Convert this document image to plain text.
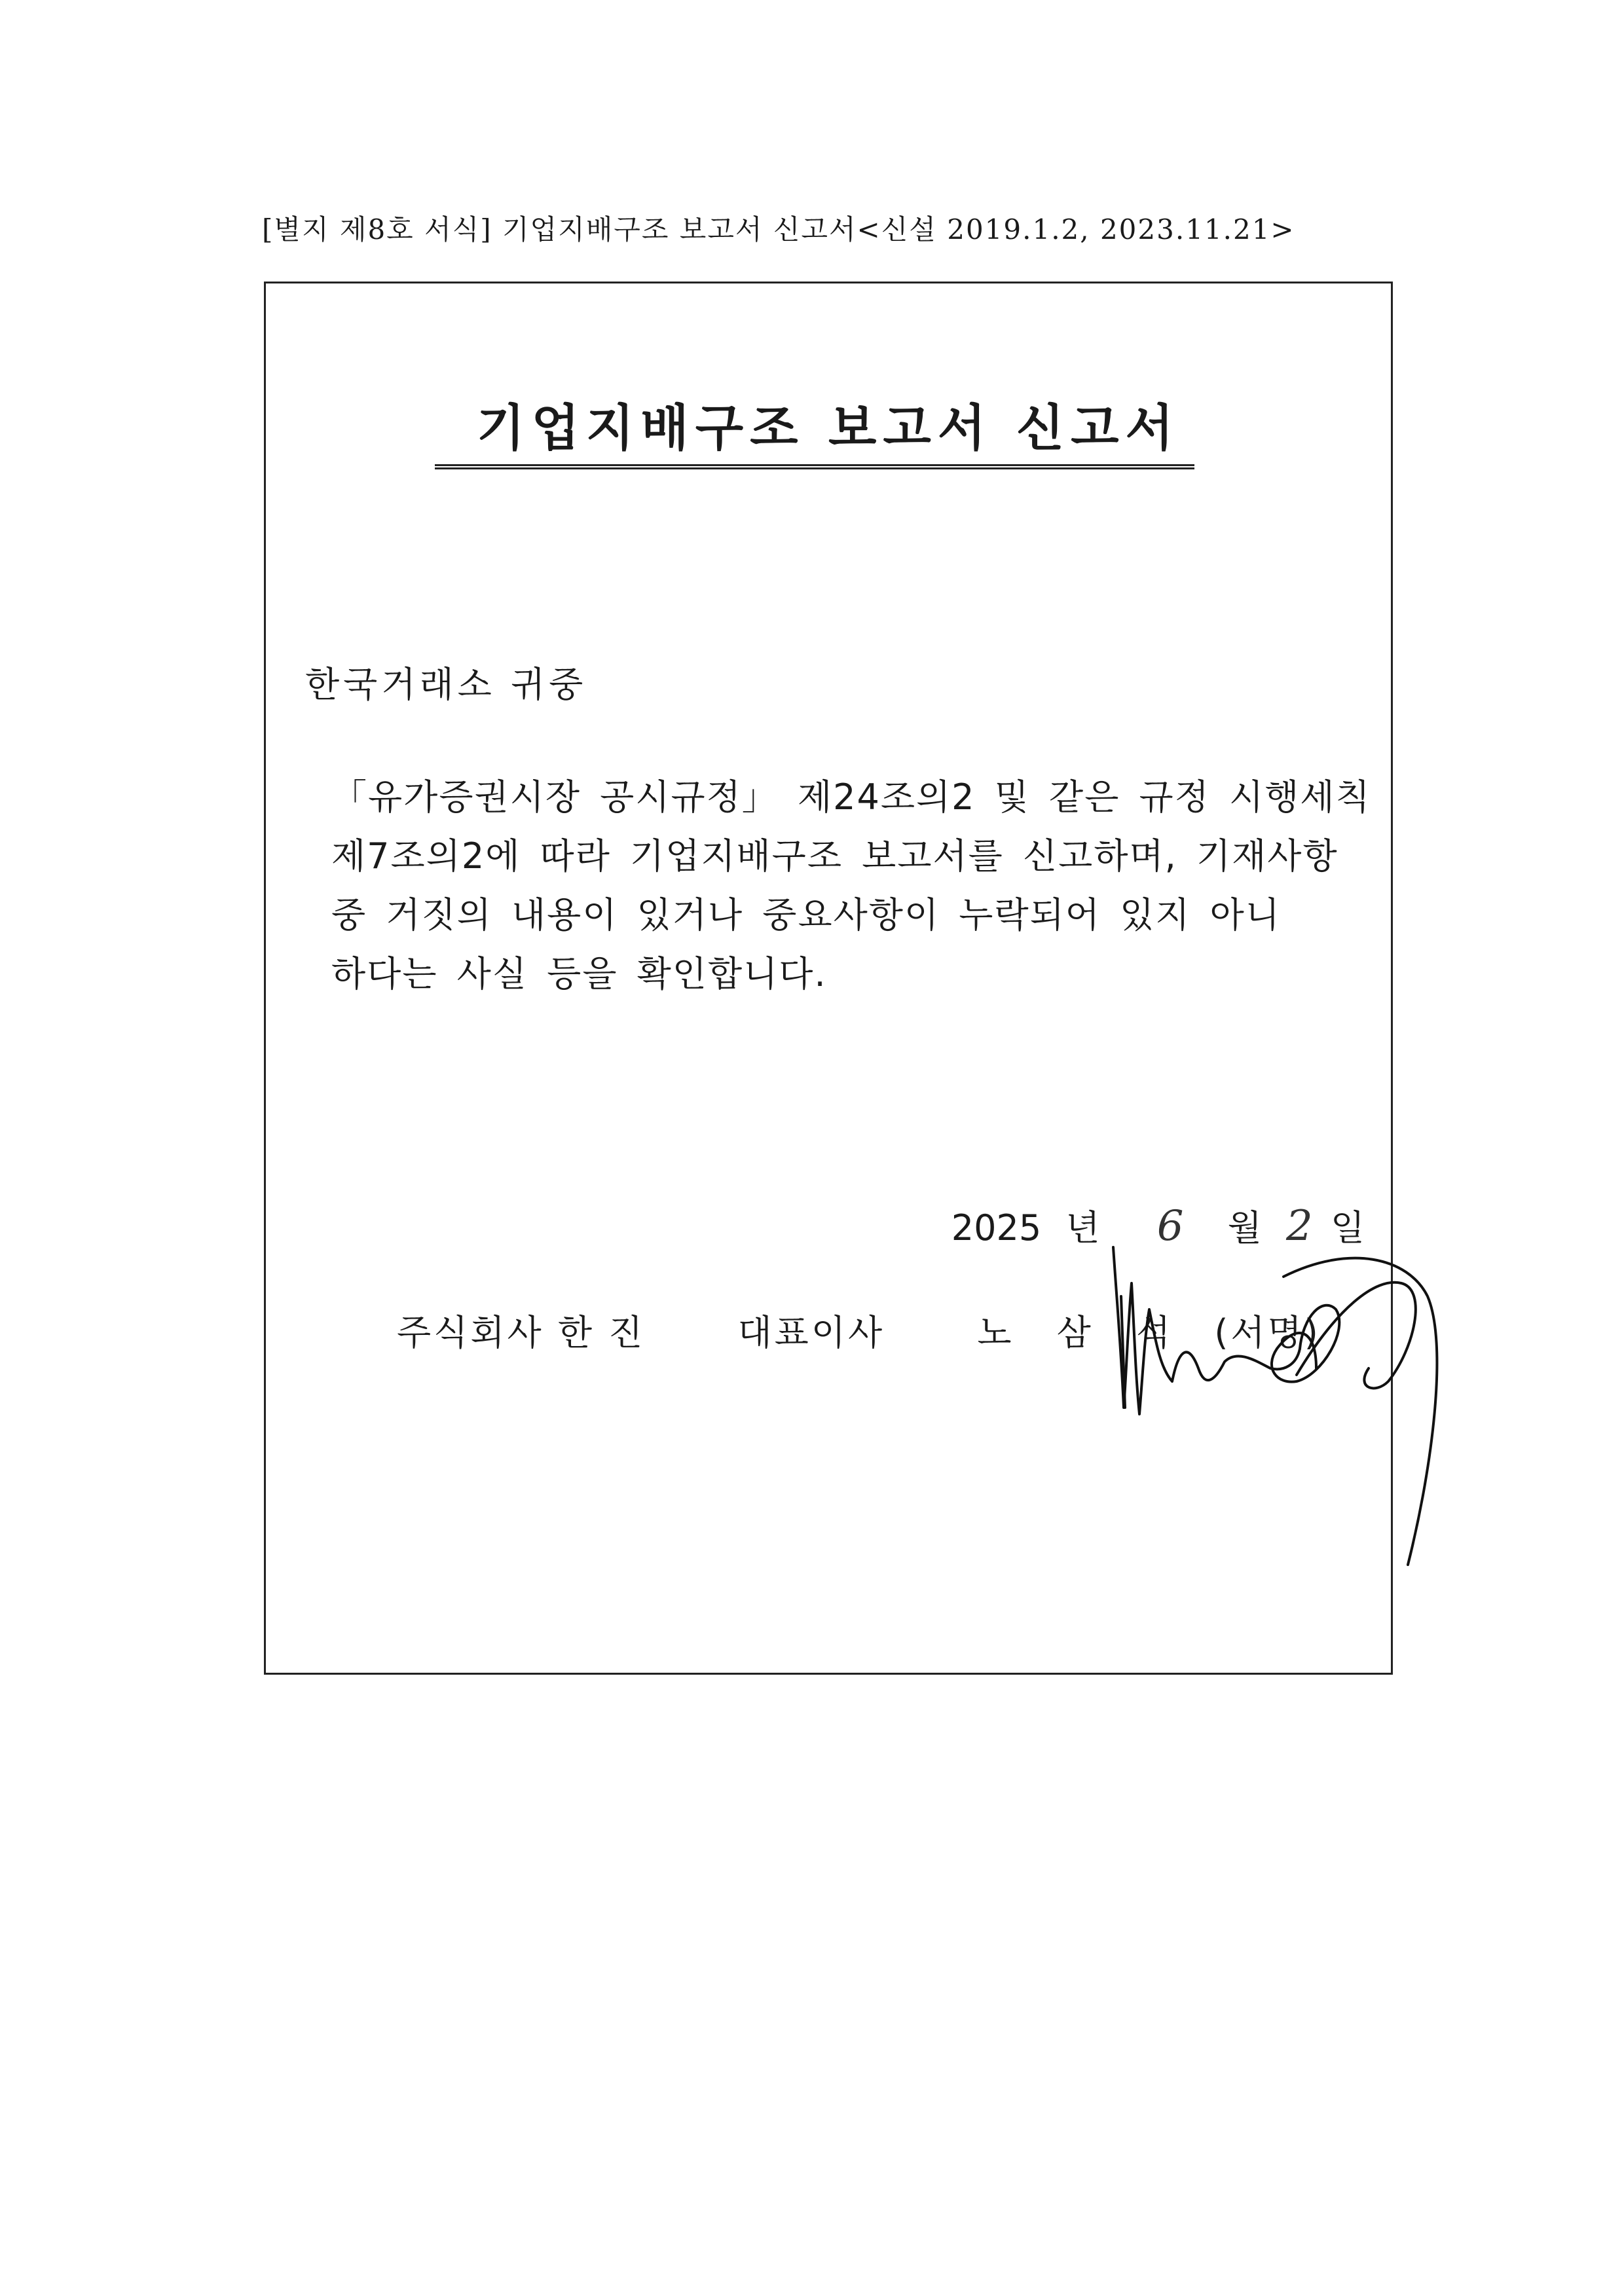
[별지 제8호 서식] 기업지배구조 보고서 신고서<신설 2019.1.2, 2023.11.21>
기업지배구조 보고서 신고서
한국거래소 귀중
「유가증권시장 공시규정」 제24조의2 및 같은 규정 시행세칙
제7조의2에 따라 기업지배구조 보고서를 신고하며, 기재사항
중 거짓의 내용이 있거나 중요사항이 누락되어 있지 아니
하다는 사실 등을 확인합니다.
2025 년 6 월 2 일
주식회사 한 진	대표이사	노 삼 석 (서명)
